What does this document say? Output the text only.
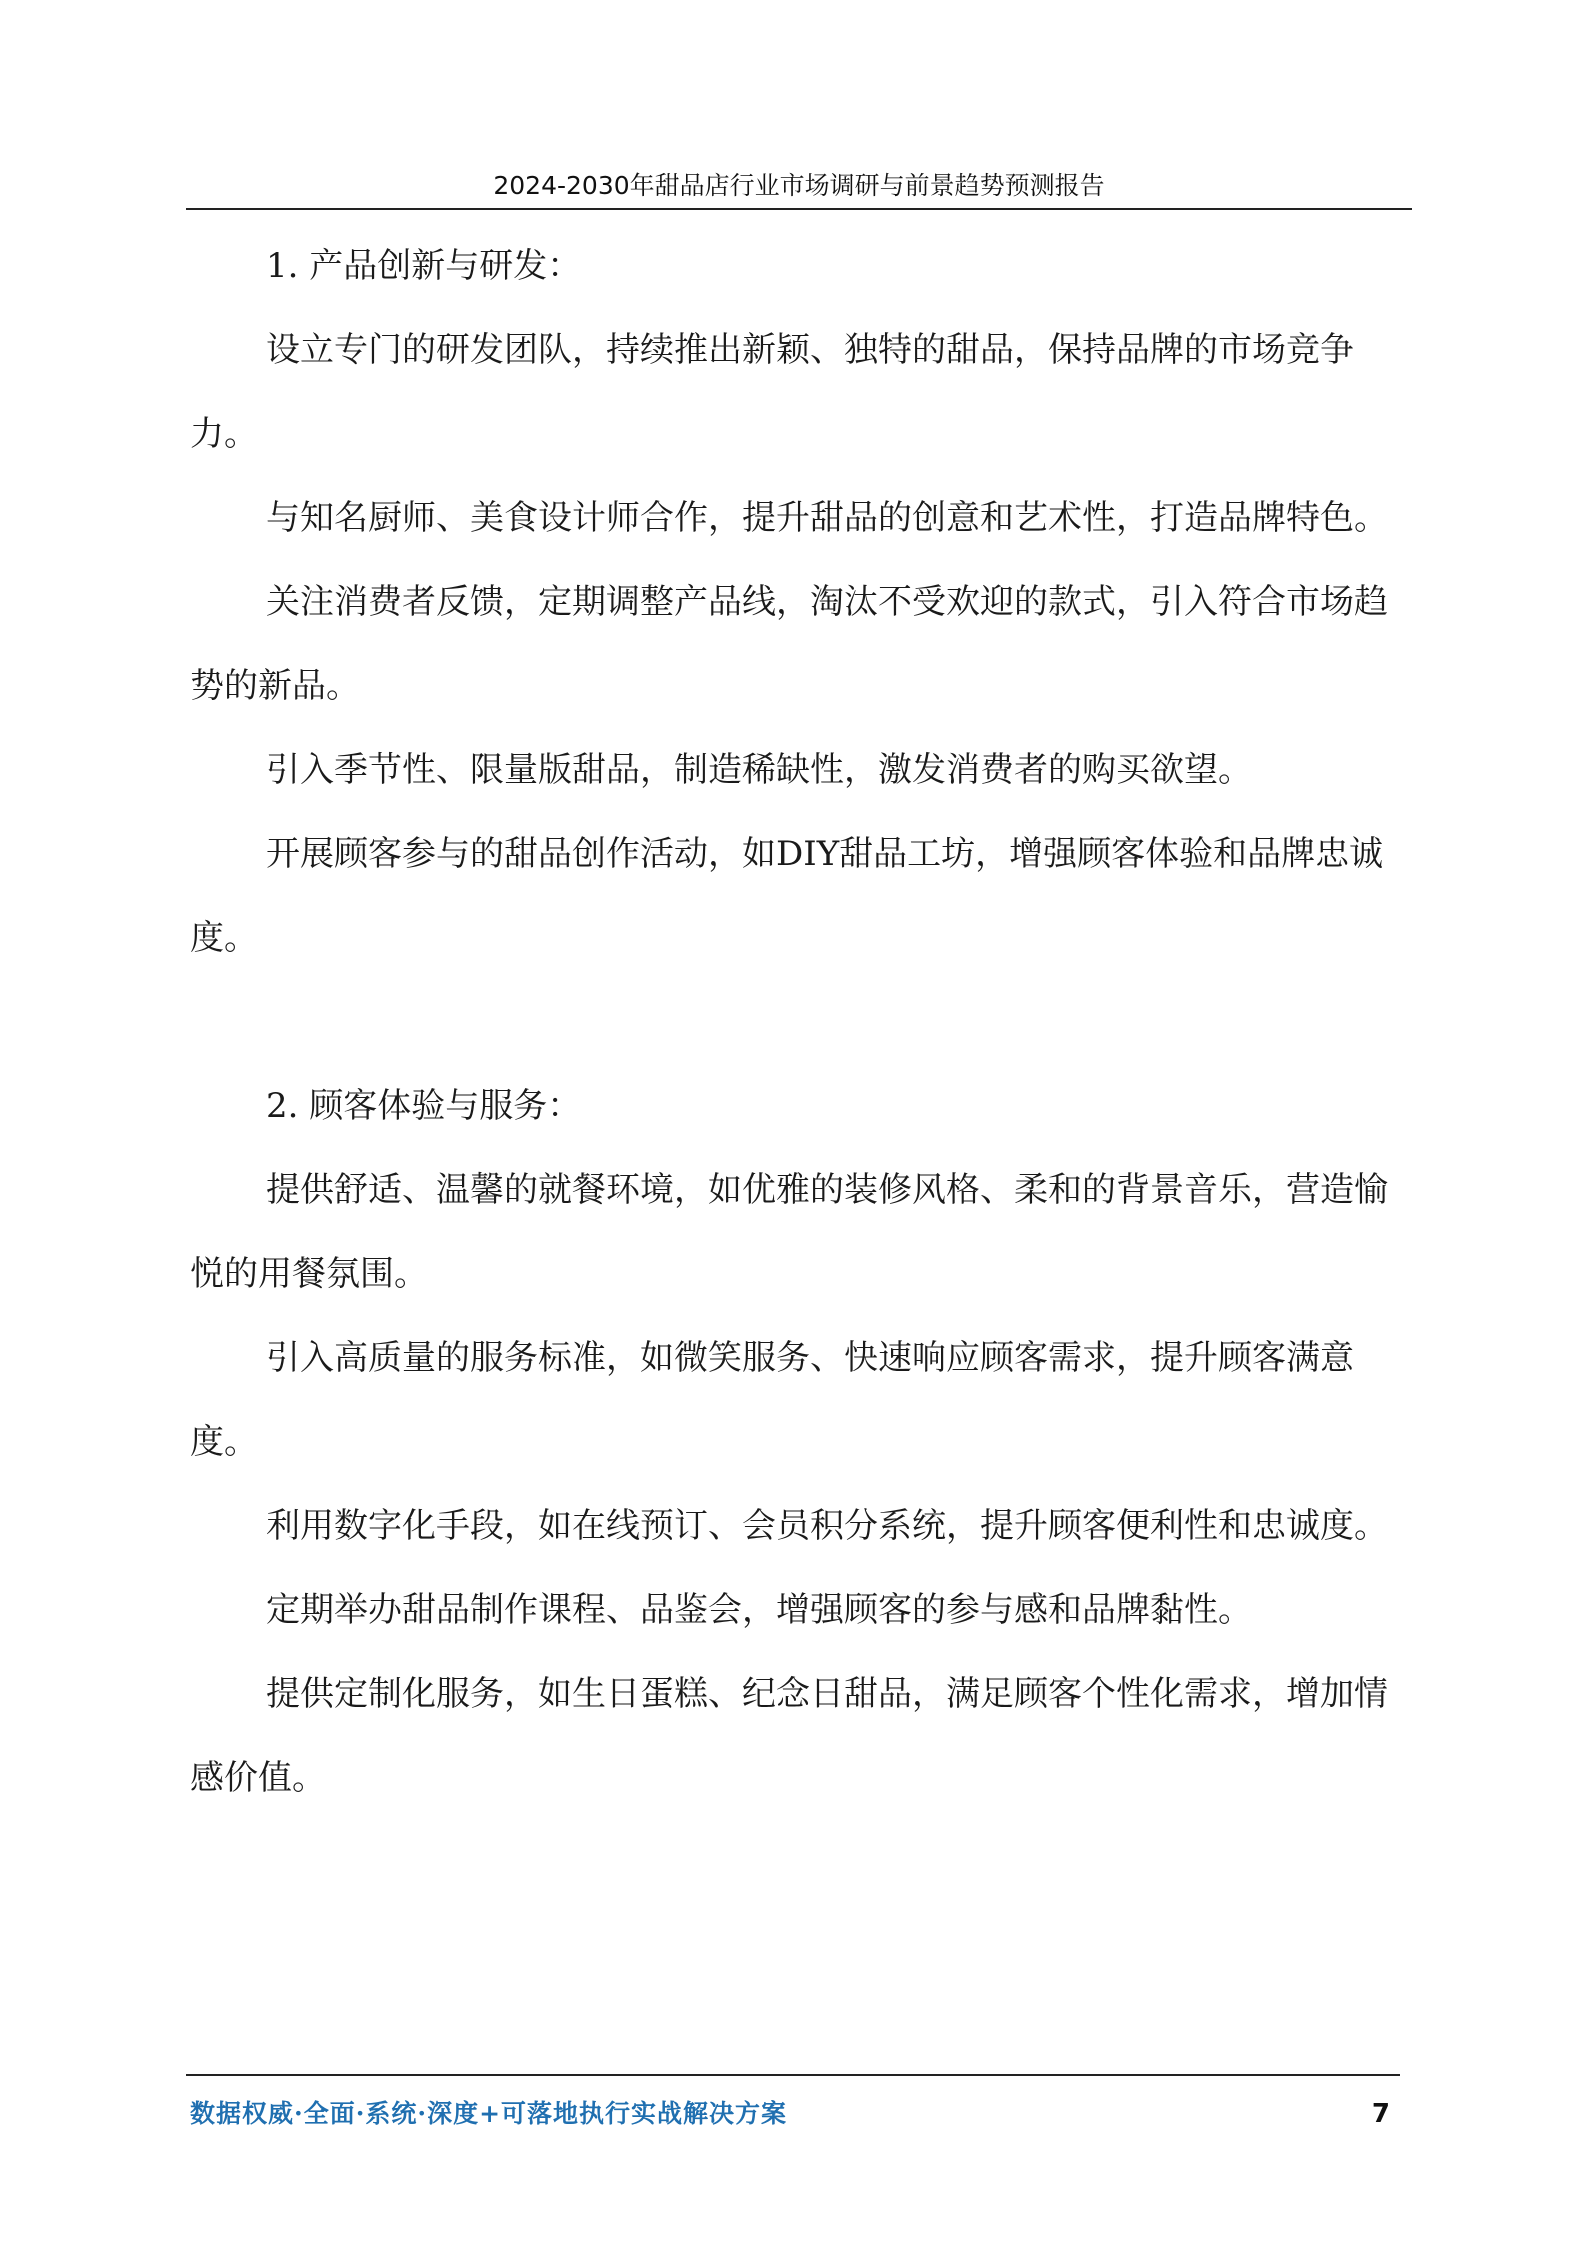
2024-2030年甜品店行业市场调研与前景趋势预测报告

1. 产品创新与研发：

设立专门的研发团队，持续推出新颖、独特的甜品，保持品牌的市场竞争力。

与知名厨师、美食设计师合作，提升甜品的创意和艺术性，打造品牌特色。

关注消费者反馈，定期调整产品线，淘汰不受欢迎的款式，引入符合市场趋势的新品。

引入季节性、限量版甜品，制造稀缺性，激发消费者的购买欲望。

开展顾客参与的甜品创作活动，如DIY甜品工坊，增强顾客体验和品牌忠诚度。

2. 顾客体验与服务：

提供舒适、温馨的就餐环境，如优雅的装修风格、柔和的背景音乐，营造愉悦的用餐氛围。

引入高质量的服务标准，如微笑服务、快速响应顾客需求，提升顾客满意度。

利用数字化手段，如在线预订、会员积分系统，提升顾客便利性和忠诚度。

定期举办甜品制作课程、品鉴会，增强顾客的参与感和品牌黏性。

提供定制化服务，如生日蛋糕、纪念日甜品，满足顾客个性化需求，增加情感价值。

数据权威·全面·系统·深度+可落地执行实战解决方案	7
